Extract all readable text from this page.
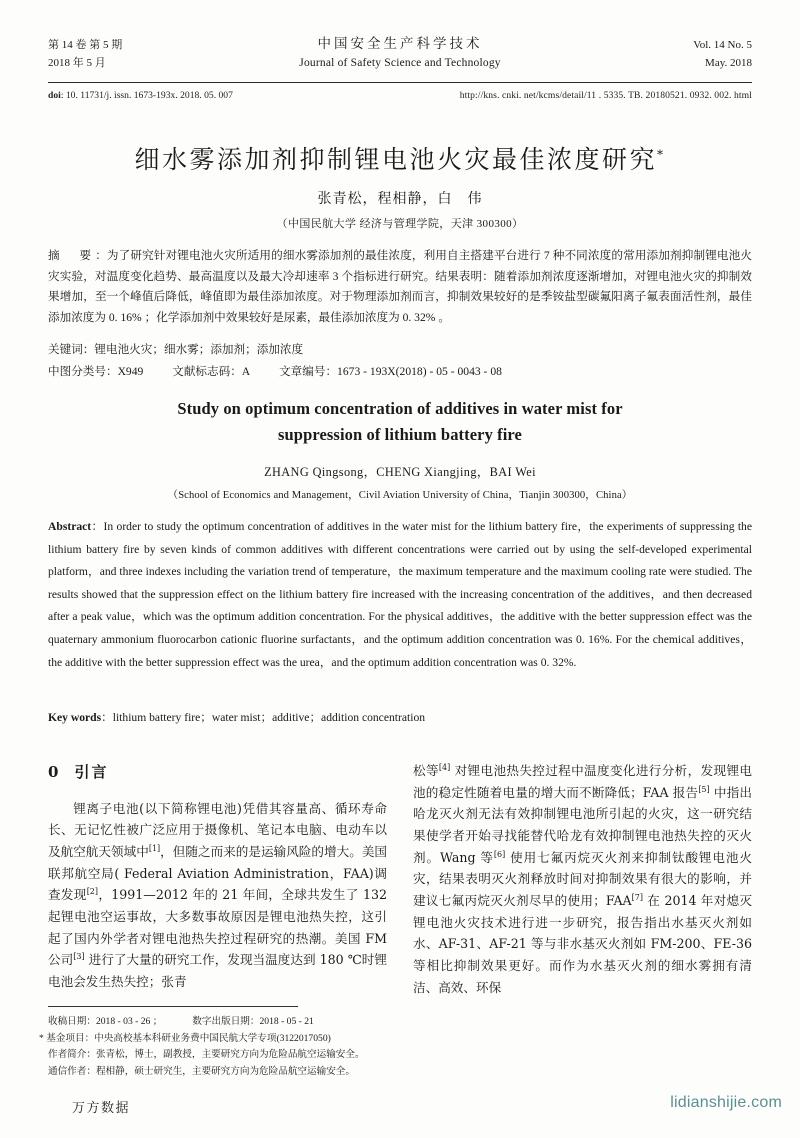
第 14 卷 第 5 期	中国安全生产科学技术	Vol. 14 No. 5
2018 年 5 月	Journal of Safety Science and Technology	May. 2018
doi: 10. 11731/j. issn. 1673-193x. 2018. 05. 007	http://kns. cnki. net/kcms/detail/11 . 5335. TB. 20180521. 0932. 002. html
细水雾添加剂抑制锂电池火灾最佳浓度研究*
张青松，程相静，白　伟
（中国民航大学 经济与管理学院，天津 300300）
摘　要：为了研究针对锂电池火灾所适用的细水雾添加剂的最佳浓度，利用自主搭建平台进行 7 种不同浓度的常用添加剂抑制锂电池火灾实验，对温度变化趋势、最高温度以及最大冷却速率 3 个指标进行研究。结果表明：随着添加剂浓度逐渐增加，对锂电池火灾的抑制效果增加，至一个峰值后降低，峰值即为最佳添加浓度。对于物理添加剂而言，抑制效果较好的是季铵盐型碳氟阳离子氟表面活性剂，最佳添加浓度为 0. 16% ；化学添加剂中效果较好是尿素，最佳添加浓度为 0. 32% 。
关键词：锂电池火灾；细水雾；添加剂；添加浓度
中图分类号：X949 文献标志码：A 文章编号：1673 - 193X(2018) - 05 - 0043 - 08
Study on optimum concentration of additives in water mist for
suppression of lithium battery fire
ZHANG Qingsong，CHENG Xiangjing，BAI Wei
（School of Economics and Management，Civil Aviation University of China，Tianjin 300300，China）
Abstract：In order to study the optimum concentration of additives in the water mist for the lithium battery fire，the experiments of suppressing the lithium battery fire by seven kinds of common additives with different concentrations were carried out by using the self-developed experimental platform，and three indexes including the variation trend of temperature，the maximum temperature and the maximum cooling rate were studied. The results showed that the suppression effect on the lithium battery fire increased with the increasing concentration of the additives，and then decreased after a peak value，which was the optimum addition concentration. For the physical additives，the additive with the better suppression effect was the quaternary ammonium fluorocarbon cationic fluorine surfactants，and the optimum addition concentration was 0. 16%. For the chemical additives，the additive with the better suppression effect was the urea，and the optimum addition concentration was 0. 32%.
Key words：lithium battery fire；water mist；additive；addition concentration
0 引言

锂离子电池(以下简称锂电池)凭借其容量高、循环寿命长、无记忆性被广泛应用于摄像机、笔记本电脑、电动车以及航空航天领域中[1]，但随之而来的是运输风险的增大。美国联邦航空局( Federal Aviation Administration，FAA)调查发现[2]，1991—2012 年的 21 年间，全球共发生了 132 起锂电池空运事故，大多数事故原因是锂电池热失控，这引起了国内外学者对锂电池热失控过程研究的热潮。美国 FM 公司[3] 进行了大量的研究工作，发现当温度达到 180 ℃时锂电池会发生热失控；张青

松等[4] 对锂电池热失控过程中温度变化进行分析，发现锂电池的稳定性随着电量的增大而不断降低；FAA 报告[5] 中指出哈龙灭火剂无法有效抑制锂电池所引起的火灾，这一研究结果使学者开始寻找能替代哈龙有效抑制锂电池热失控的灭火剂。Wang 等[6] 使用七氟丙烷灭火剂来抑制钛酸锂电池火灾，结果表明灭火剂释放时间对抑制效果有很大的影响，并建议七氟丙烷灭火剂尽早的使用；FAA[7] 在 2014 年对熄灭锂电池火灾技术进行进一步研究，报告指出水基灭火剂如水、AF-31、AF-21 等与非水基灭火剂如 FM-200、FE-36 等相比抑制效果更好。而作为水基灭火剂的细水雾拥有清洁、高效、环保

收稿日期：2018 - 03 - 26 ；	数字出版日期：2018 - 05 - 21
* 基金项目：中央高校基本科研业务费中国民航大学专项(3122017050)
作者简介：张青松，博士，副教授，主要研究方向为危险品航空运输安全。
通信作者：程相静，硕士研究生，主要研究方向为危险品航空运输安全。
万方数据	lidianshijie.com
